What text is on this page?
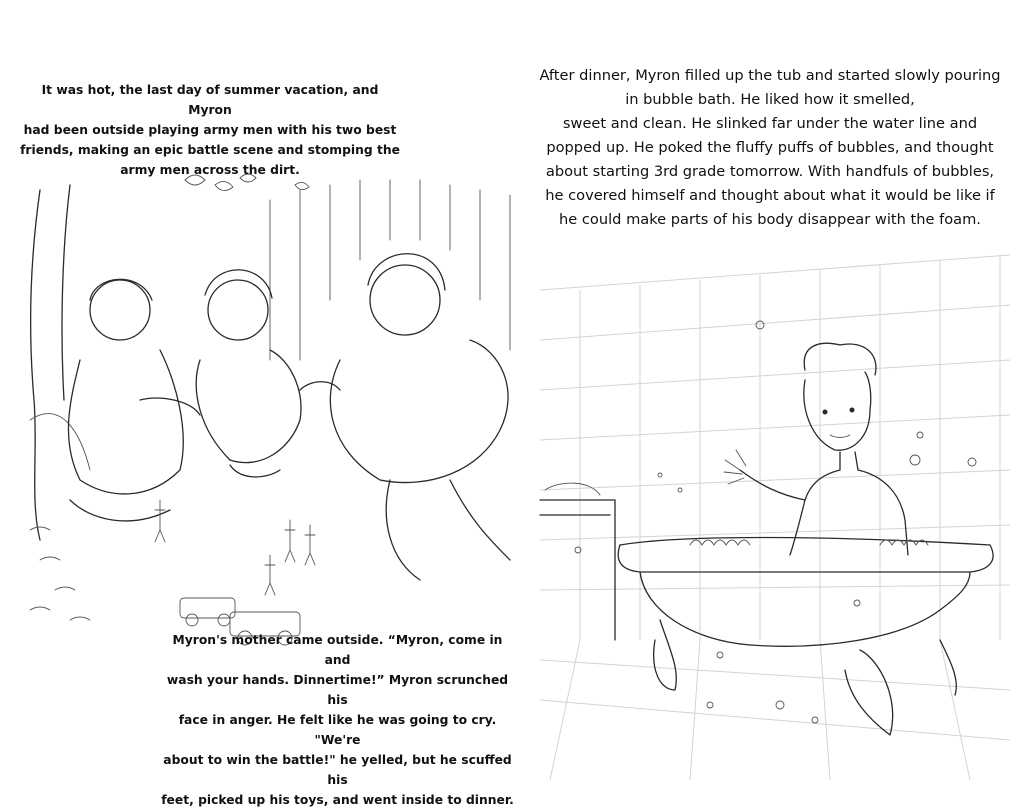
It was hot, the last day of summer vacation, and Myron
had been outside playing army men with his two best
friends, making an epic battle scene and stomping the
army men across the dirt.
Myron's mother came outside. “Myron, come in and
wash your hands. Dinnertime!” Myron scrunched his
face in anger. He felt like he was going to cry. "We're
about to win the battle!" he yelled, but he scuffed his
feet, picked up his toys, and went inside to dinner.
After dinner, Myron filled up the tub and started slowly pouring
in bubble bath. He liked how it smelled,
sweet and clean. He slinked far under the water line and
popped up. He poked the fluffy puffs of bubbles, and thought
about starting 3rd grade tomorrow. With handfuls of bubbles,
he covered himself and thought about what it would be like if
he could make parts of his body disappear with the foam.
